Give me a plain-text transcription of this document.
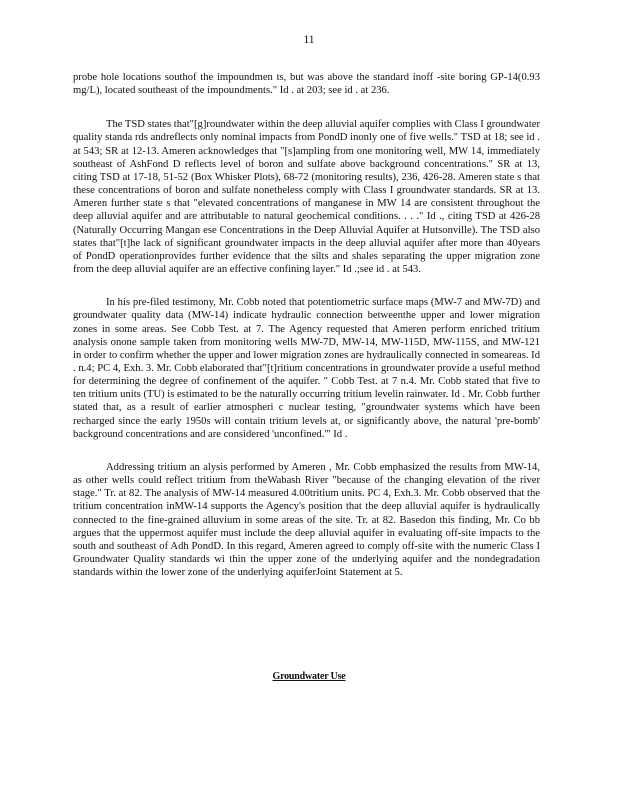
11

probe hole locations southof the impoundmen ts, but was above the standard inoff -site boring GP-14(0.93 mg/L), located southeast of the impoundments." Id . at 203; see id . at 236.

The TSD states that"[g]roundwater within the deep alluvial aquifer complies with Class I groundwater quality standa rds andreflects only nominal impacts from PondD inonly one of five wells." TSD at 18; see id . at 543; SR at 12-13. Ameren acknowledges that "[s]ampling from one monitoring well, MW 14, immediately southeast of AshFond D reflects level of boron and sulfate above background concentrations." SR at 13, citing TSD at 17-18, 51-52 (Box Whisker Plots), 68-72 (monitoring results), 236, 426-28. Ameren state s that these concentrations of boron and sulfate nonetheless comply with Class I groundwater standards. SR at 13. Ameren further state s that "elevated concentrations of manganese in MW 14 are consistent throughout the deep alluvial aquifer and are attributable to natural geochemical conditions. . . ." Id ., citing TSD at 426-28 (Naturally Occurring Mangan ese Concentrations in the Deep Alluvial Aquifer at Hutsonville). The TSD also states that"[t]he lack of significant groundwater impacts in the deep alluvial aquifer after more than 40years of PondD operationprovides further evidence that the silts and shales separating the upper migration zone from the deep alluvial aquifer are an effective confining layer." Id .;see id . at 543.

In his pre-filed testimony, Mr. Cobb noted that potentiometric surface maps (MW-7 and MW-7D) and groundwater quality data (MW-14) indicate hydraulic connection betweenthe upper and lower migration zones in some areas. See Cobb Test. at 7. The Agency requested that Ameren perform enriched tritium analysis onone sample taken from monitoring wells MW-7D, MW-14, MW-115D, MW-115S, and MW-121 in order to confirm whether the upper and lower migration zones are hydraulically connected in someareas. Id . n.4; PC 4, Exh. 3. Mr. Cobb elaborated that"[t]ritium concentrations in groundwater provide a useful method for determining the degree of confinement of the aquifer. " Cobb Test. at 7 n.4. Mr. Cobb stated that five to ten tritium units (TU) is estimated to be the naturally occurring tritium levelin rainwater. Id . Mr. Cobb further stated that, as a result of earlier atmospheri c nuclear testing, "groundwater systems which have been recharged since the early 1950s will contain tritium levels at, or significantly above, the natural 'pre-bomb' background concentrations and are considered 'unconfined.'" Id .

Addressing tritium an alysis performed by Ameren , Mr. Cobb emphasized the results from MW-14, as other wells could reflect tritium from theWabash River "because of the changing elevation of the river stage." Tr. at 82. The analysis of MW-14 measured 4.00tritium units. PC 4, Exh.3. Mr. Cobb observed that the tritium concentration inMW-14 supports the Agency's position that the deep alluvial aquifer is hydraulically connected to the fine-grained alluvium in some areas of the site. Tr. at 82. Basedon this finding, Mr. Co bb argues that the uppermost aquifer must include the deep alluvial aquifer in evaluating off-site impacts to the south and southeast of Adh PondD. In this regard, Ameren agreed to comply off-site with the numeric Class I Groundwater Quality standards wi thin the upper zone of the underlying aquifer and the nondegradation standards within the lower zone of the underlying aquiferJoint Statement at 5.

Groundwater Use
